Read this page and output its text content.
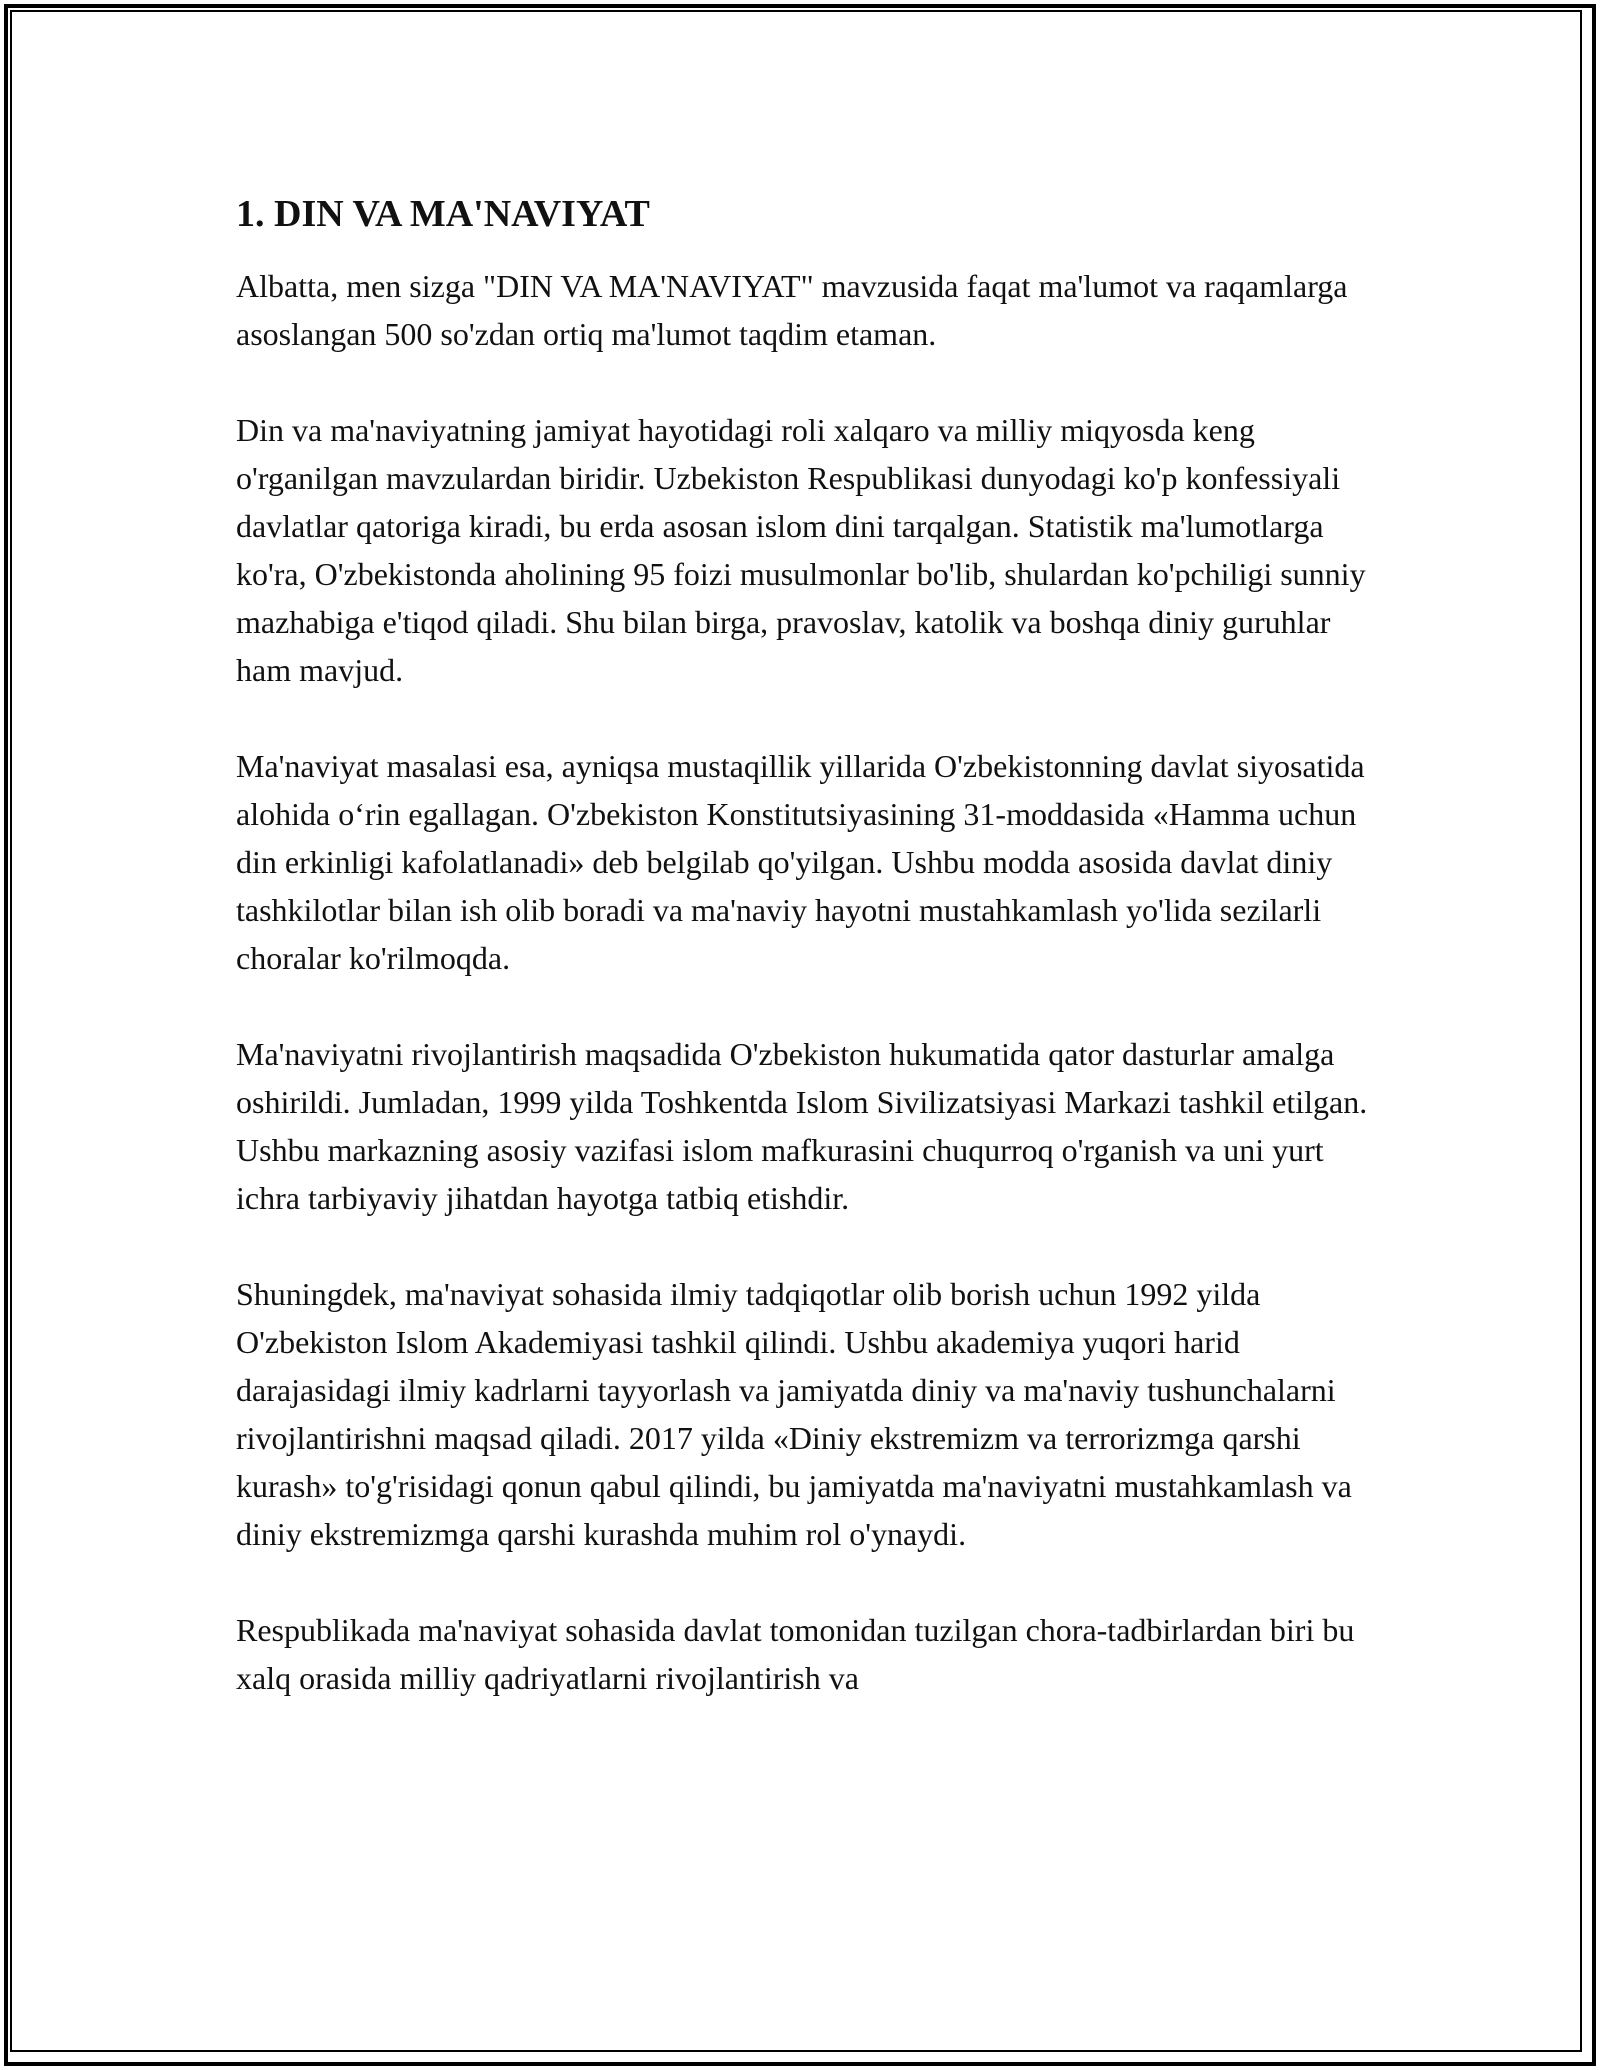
1. DIN VA MA'NAVIYAT

Albatta, men sizga "DIN VA MA'NAVIYAT" mavzusida faqat ma'lumot va raqamlarga asoslangan 500 so'zdan ortiq ma'lumot taqdim etaman.

Din va ma'naviyatning jamiyat hayotidagi roli xalqaro va milliy miqyosda keng o'rganilgan mavzulardan biridir. Uzbekiston Respublikasi dunyodagi ko'p konfessiyali davlatlar qatoriga kiradi, bu erda asosan islom dini tarqalgan. Statistik ma'lumotlarga ko'ra, O'zbekistonda aholining 95 foizi musulmonlar bo'lib, shulardan ko'pchiligi sunniy mazhabiga e'tiqod qiladi. Shu bilan birga, pravoslav, katolik va boshqa diniy guruhlar ham mavjud.

Ma'naviyat masalasi esa, ayniqsa mustaqillik yillarida O'zbekistonning davlat siyosatida alohida o‘rin egallagan. O'zbekiston Konstitutsiyasining 31-moddasida «Hamma uchun din erkinligi kafolatlanadi» deb belgilab qo'yilgan. Ushbu modda asosida davlat diniy tashkilotlar bilan ish olib boradi va ma'naviy hayotni mustahkamlash yo'lida sezilarli choralar ko'rilmoqda.

Ma'naviyatni rivojlantirish maqsadida O'zbekiston hukumatida qator dasturlar amalga oshirildi. Jumladan, 1999 yilda Toshkentda Islom Sivilizatsiyasi Markazi tashkil etilgan. Ushbu markazning asosiy vazifasi islom mafkurasini chuqurroq o'rganish va uni yurt ichra tarbiyaviy jihatdan hayotga tatbiq etishdir.

Shuningdek, ma'naviyat sohasida ilmiy tadqiqotlar olib borish uchun 1992 yilda O'zbekiston Islom Akademiyasi tashkil qilindi. Ushbu akademiya yuqori harid darajasidagi ilmiy kadrlarni tayyorlash va jamiyatda diniy va ma'naviy tushunchalarni rivojlantirishni maqsad qiladi. 2017 yilda «Diniy ekstremizm va terrorizmga qarshi kurash» to'g'risidagi qonun qabul qilindi, bu jamiyatda ma'naviyatni mustahkamlash va diniy ekstremizmga qarshi kurashda muhim rol o'ynaydi.

Respublikada ma'naviyat sohasida davlat tomonidan tuzilgan chora-tadbirlardan biri bu xalq orasida milliy qadriyatlarni rivojlantirish va
